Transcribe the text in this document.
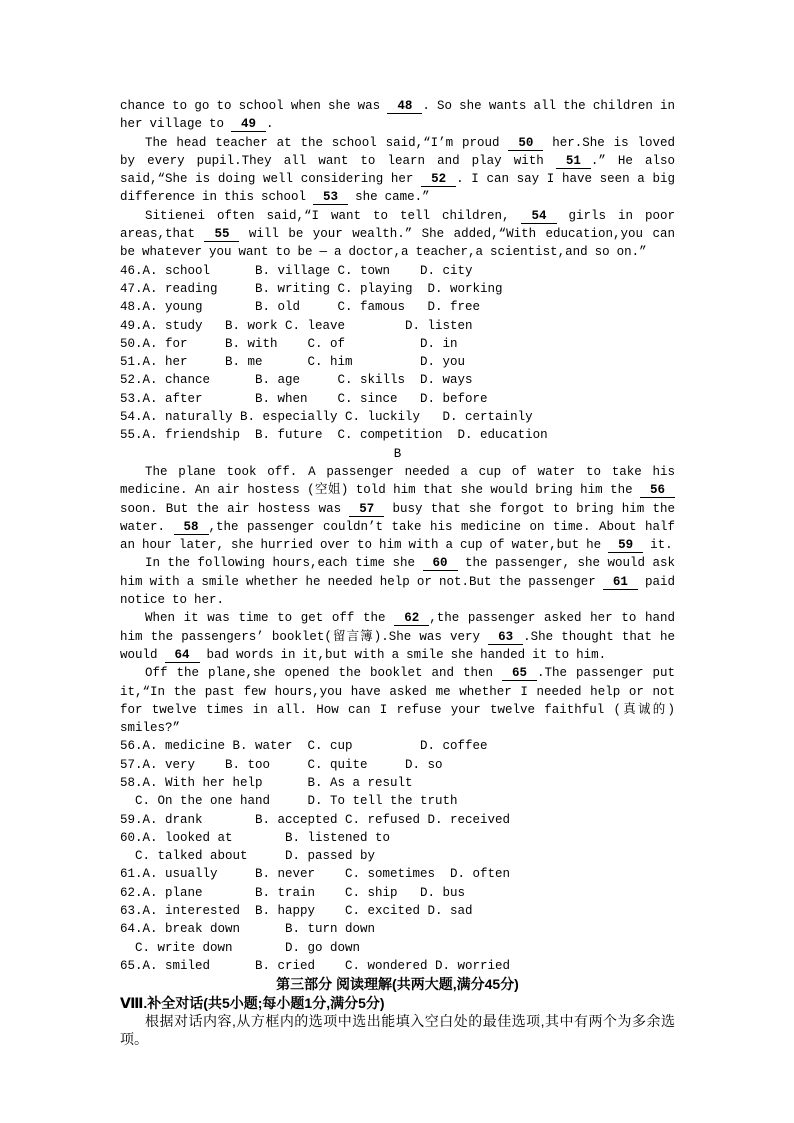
chance to go to school when she was 48 . So she wants all the children in her village to 49 .
The head teacher at the school said,“I’m proud 50 her.She is loved by every pupil.They all want to learn and play with 51 .” He also said,“She is doing well considering her 52 . I can say I have seen a big difference in this school 53 she came.”
Sitienei often said,“I want to tell children, 54 girls in poor areas,that 55 will be your wealth.” She added,“With education,you can be whatever you want to be — a doctor,a teacher,a scientist,and so on.”
46.A. school      B. village C. town    D. city
47.A. reading     B. writing C. playing  D. working
48.A. young       B. old     C. famous   D. free
49.A. study   B. work C. leave        D. listen
50.A. for     B. with    C. of          D. in
51.A. her     B. me      C. him         D. you
52.A. chance      B. age     C. skills  D. ways
53.A. after       B. when    C. since   D. before
54.A. naturally B. especially C. luckily   D. certainly
55.A. friendship  B. future  C. competition  D. education
B
The plane took off. A passenger needed a cup of water to take his medicine. An air hostess (空姐) told him that she would bring him the 56 soon. But the air hostess was 57 busy that she forgot to bring him the water. 58 ,the passenger couldn’t take his medicine on time. About half an hour later, she hurried over to him with a cup of water,but he 59 it.
In the following hours,each time she 60 the passenger, she would ask him with a smile whether he needed help or not.But the passenger 61 paid notice to her.
When it was time to get off the 62 ,the passenger asked her to hand him the passengers’ booklet(留言簿).She was very 63 .She thought that he would 64 bad words in it,but with a smile she handed it to him.
Off the plane,she opened the booklet and then 65 .The passenger put it,“In the past few hours,you have asked me whether I needed help or not for twelve times in all. How can I refuse your twelve faithful (真诚的) smiles?”
56.A. medicine B. water  C. cup         D. coffee
57.A. very    B. too     C. quite     D. so
58.A. With her help      B. As a result
C. On the one hand     D. To tell the truth
59.A. drank       B. accepted C. refused D. received
60.A. looked at       B. listened to
C. talked about     D. passed by
61.A. usually     B. never    C. sometimes  D. often
62.A. plane       B. train    C. ship   D. bus
63.A. interested  B. happy    C. excited D. sad
64.A. break down      B. turn down
C. write down       D. go down
65.A. smiled      B. cried    C. wondered D. worried
第三部分 阅读理解(共两大题,满分45分)
Ⅷ.补全对话(共5小题;每小题1分,满分5分)
根据对话内容,从方框内的选项中选出能填入空白处的最佳选项,其中有两个为多余选项。
